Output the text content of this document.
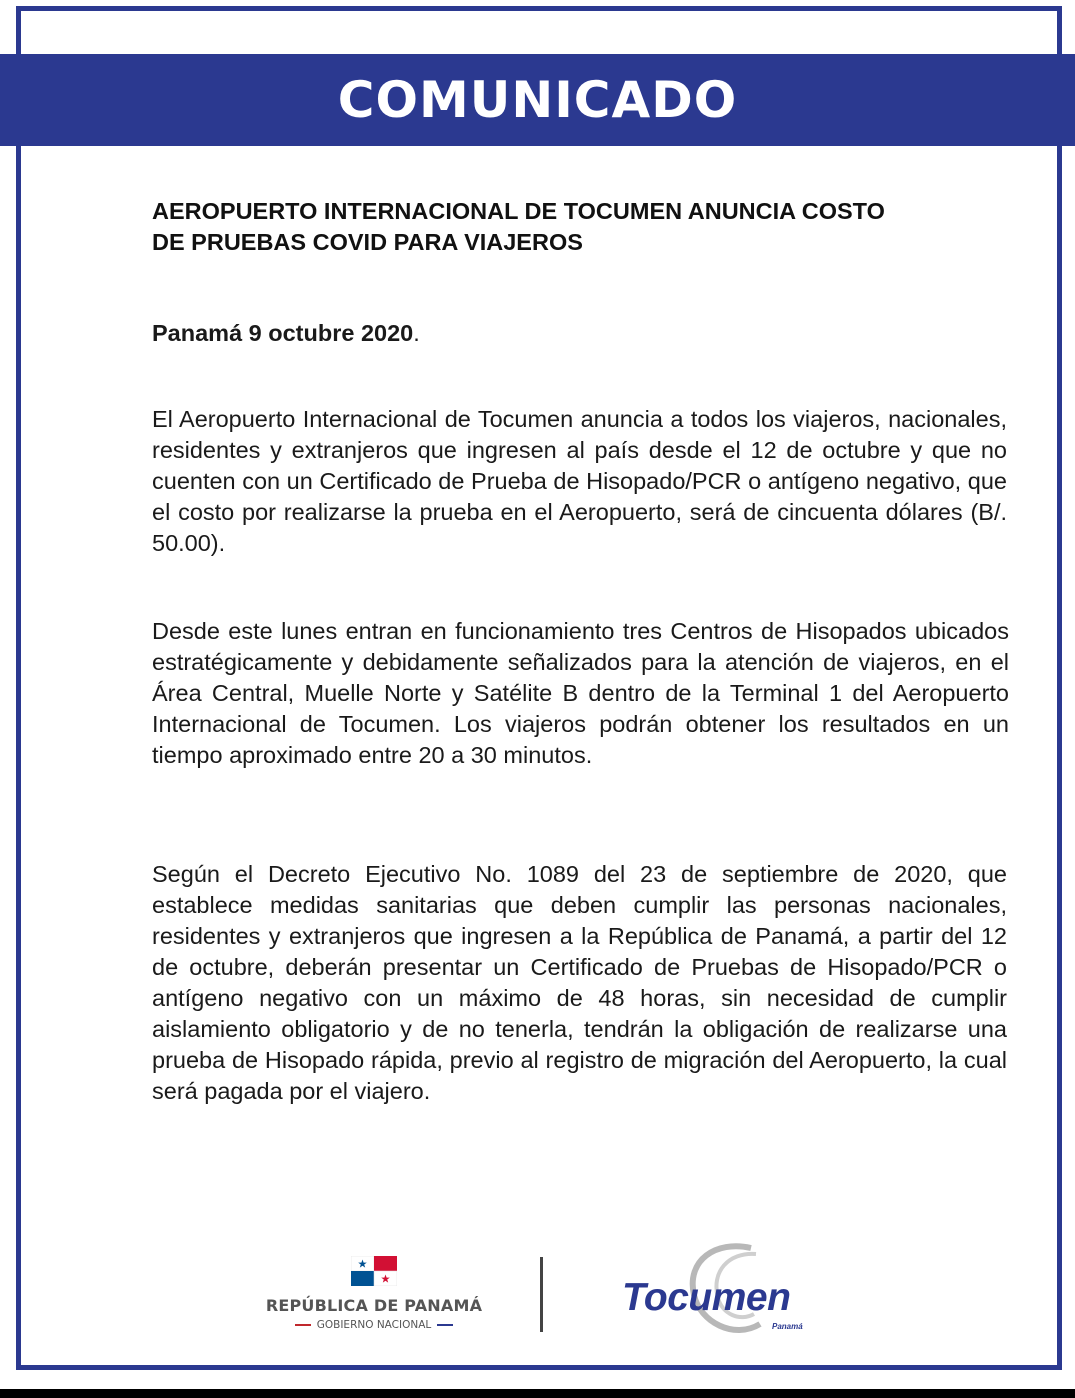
COMUNICADO

AEROPUERTO INTERNACIONAL DE TOCUMEN ANUNCIA COSTO
DE PRUEBAS COVID PARA VIAJEROS

Panamá 9 octubre 2020.

El Aeropuerto Internacional de Tocumen anuncia a todos los viajeros, nacionales, residentes y extranjeros que ingresen al país desde el 12 de octubre y que no cuenten con un Certificado de Prueba de Hisopado/PCR o antígeno negativo, que el costo por realizarse la prueba en el Aeropuerto, será de cincuenta dólares (B/. 50.00).

Desde este lunes entran en funcionamiento tres Centros de Hisopados ubicados estratégicamente y debidamente señalizados para la atención de viajeros, en el Área Central, Muelle Norte y Satélite B dentro de la Terminal 1 del Aeropuerto Internacional de Tocumen. Los viajeros podrán obtener los resultados en un tiempo aproximado entre 20 a 30 minutos.

Según el Decreto Ejecutivo No. 1089 del 23 de septiembre de 2020, que establece medidas sanitarias que deben cumplir las personas nacionales, residentes y extranjeros que ingresen a la República de Panamá, a partir del 12 de octubre, deberán presentar un Certificado de Pruebas de Hisopado/PCR o antígeno negativo con un máximo de 48 horas, sin necesidad de cumplir aislamiento obligatorio y de no tenerla, tendrán la obligación de realizarse una prueba de Hisopado rápida, previo al registro de migración del Aeropuerto, la cual será pagada por el viajero.

REPÚBLICA DE PANAMÁ
GOBIERNO NACIONAL
Tocumen
Panamá
